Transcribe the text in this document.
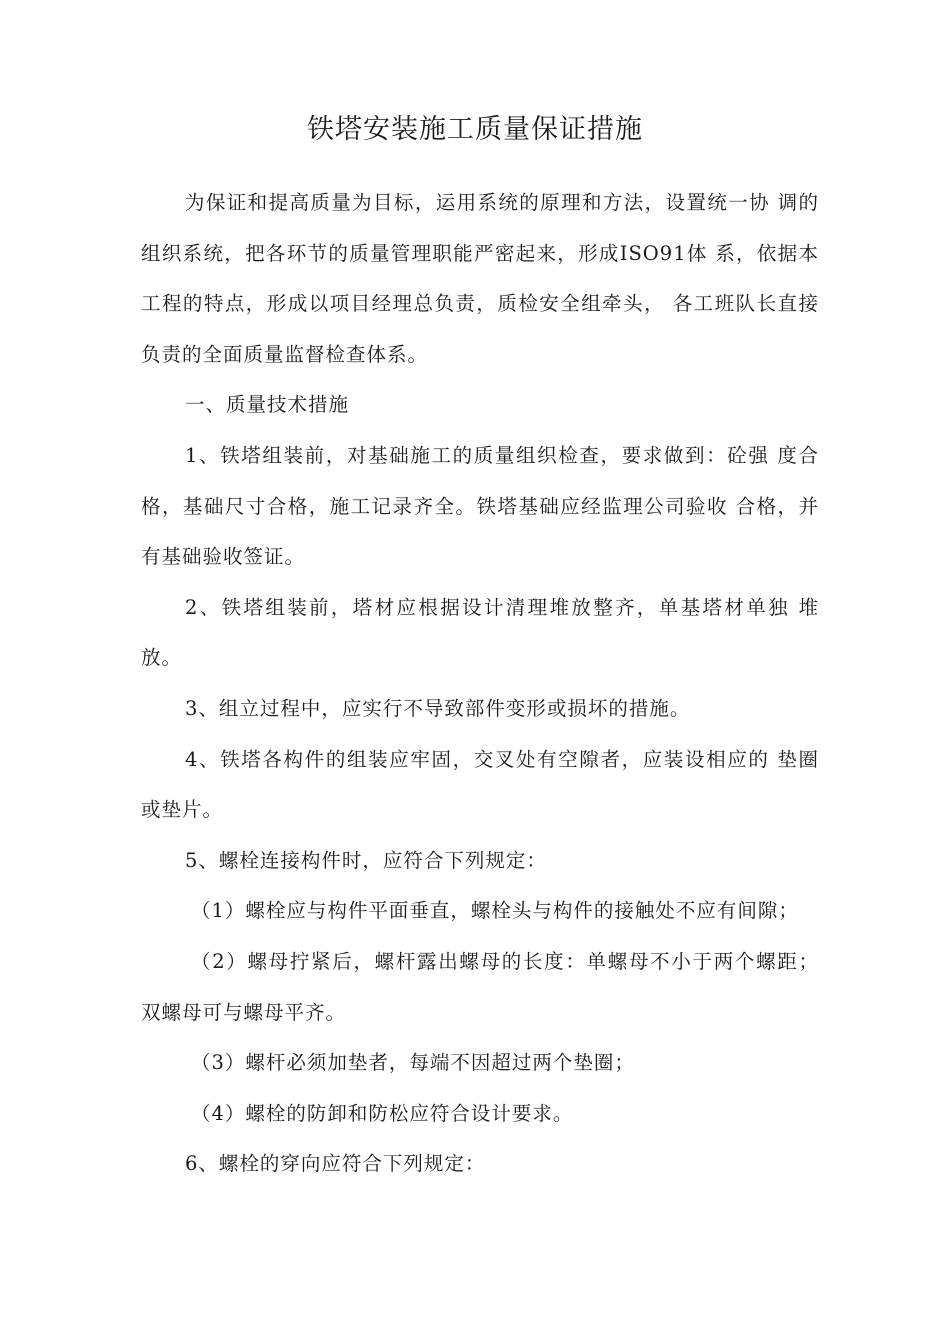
铁塔安装施工质量保证措施

为保证和提高质量为目标，运用系统的原理和方法，设置统一协 调的组织系统，把各环节的质量管理职能严密起来，形成ISO91体 系，依据本工程的特点，形成以项目经理总负责，质检安全组牵头， 各工班队长直接负责的全面质量监督检查体系。

一、质量技术措施

1、铁塔组装前，对基础施工的质量组织检查，要求做到：砼强 度合格，基础尺寸合格，施工记录齐全。铁塔基础应经监理公司验收 合格，并有基础验收签证。

2、铁塔组装前，塔材应根据设计清理堆放整齐，单基塔材单独 堆放。

3、组立过程中，应实行不导致部件变形或损坏的措施。

4、铁塔各构件的组装应牢固，交叉处有空隙者，应装设相应的 垫圈或垫片。

5、螺栓连接构件时，应符合下列规定：

（1）螺栓应与构件平面垂直，螺栓头与构件的接触处不应有间隙；

（2）螺母拧紧后，螺杆露出螺母的长度：单螺母不小于两个螺距；双螺母可与螺母平齐。

（3）螺杆必须加垫者，每端不因超过两个垫圈；

（4）螺栓的防卸和防松应符合设计要求。

6、螺栓的穿向应符合下列规定：
